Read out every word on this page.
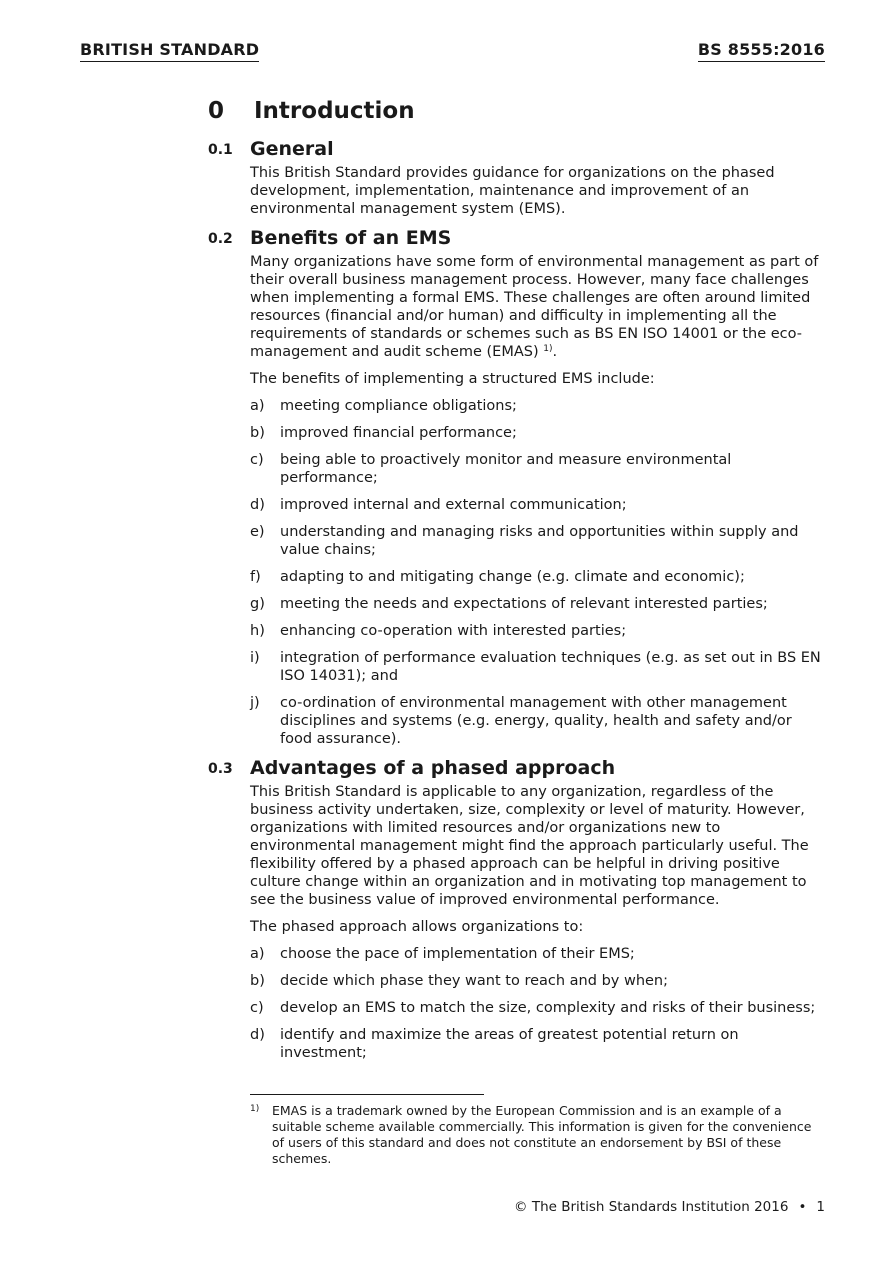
BRITISH STANDARD	BS 8555:2016
0	Introduction
0.1 General

This British Standard provides guidance for organizations on the phased development, implementation, maintenance and improvement of an environmental management system (EMS).

0.2 Benefits of an EMS

Many organizations have some form of environmental management as part of their overall business management process. However, many face challenges when implementing a formal EMS. These challenges are often around limited resources (financial and/or human) and difficulty in implementing all the requirements of standards or schemes such as BS EN ISO 14001 or the eco-management and audit scheme (EMAS) $^{1)}$.

The benefits of implementing a structured EMS include:

a) meeting compliance obligations;
b) improved financial performance;
c) being able to proactively monitor and measure environmental performance;
d) improved internal and external communication;
e) understanding and managing risks and opportunities within supply and value chains;
f) adapting to and mitigating change (e.g. climate and economic);
g) meeting the needs and expectations of relevant interested parties;
h) enhancing co-operation with interested parties;
i) integration of performance evaluation techniques (e.g. as set out in BS EN ISO 14031); and
j) co-ordination of environmental management with other management disciplines and systems (e.g. energy, quality, health and safety and/or food assurance).
0.3 Advantages of a phased approach

This British Standard is applicable to any organization, regardless of the business activity undertaken, size, complexity or level of maturity. However, organizations with limited resources and/or organizations new to environmental management might find the approach particularly useful. The flexibility offered by a phased approach can be helpful in driving positive culture change within an organization and in motivating top management to see the business value of improved environmental performance.

The phased approach allows organizations to:

a) choose the pace of implementation of their EMS;
b) decide which phase they want to reach and by when;
c) develop an EMS to match the size, complexity and risks of their business;
d) identify and maximize the areas of greatest potential return on investment;
1) EMAS is a trademark owned by the European Commission and is an example of a suitable scheme available commercially. This information is given for the convenience of users of this standard and does not constitute an endorsement by BSI of these schemes.
© The British Standards Institution 2016 • 1
